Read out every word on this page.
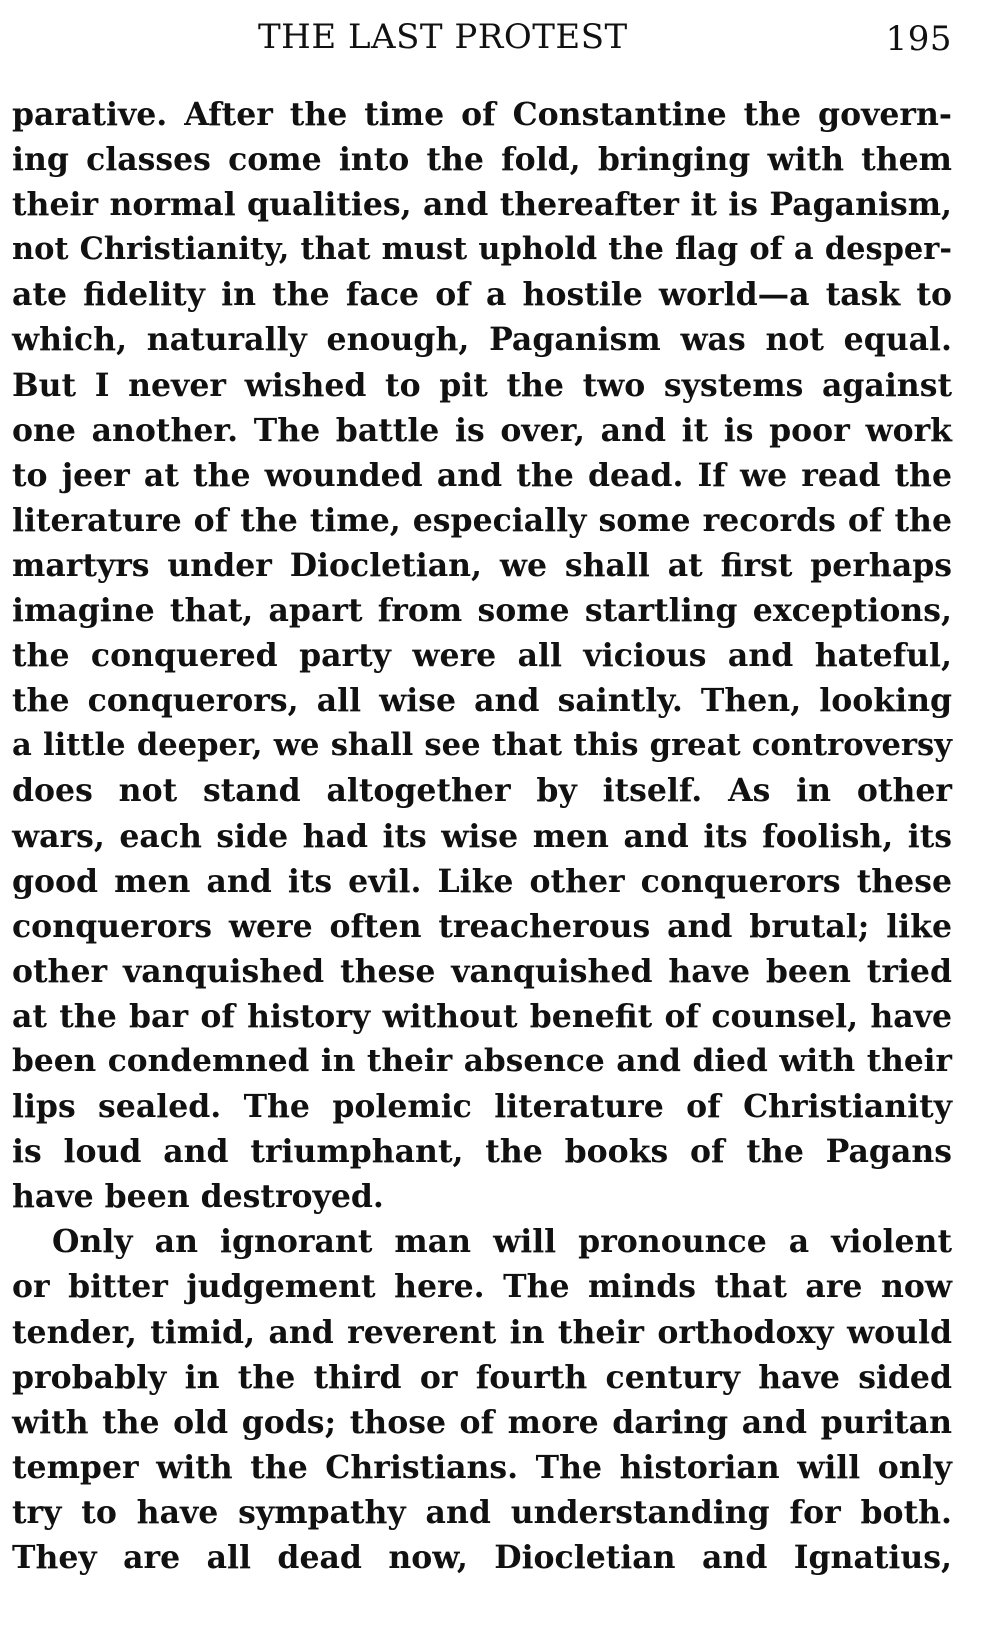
THE LAST PROTEST	195
parative. After the time of Constantine the govern-
ing classes come into the fold, bringing with them
their normal qualities, and thereafter it is Paganism,
not Christianity, that must uphold the flag of a desper-
ate fidelity in the face of a hostile world—a task to
which, naturally enough, Paganism was not equal.
But I never wished to pit the two systems against
one another. The battle is over, and it is poor work
to jeer at the wounded and the dead. If we read the
literature of the time, especially some records of the
martyrs under Diocletian, we shall at first perhaps
imagine that, apart from some startling exceptions,
the conquered party were all vicious and hateful,
the conquerors, all wise and saintly. Then, looking
a little deeper, we shall see that this great controversy
does not stand altogether by itself. As in other
wars, each side had its wise men and its foolish, its
good men and its evil. Like other conquerors these
conquerors were often treacherous and brutal; like
other vanquished these vanquished have been tried
at the bar of history without benefit of counsel, have
been condemned in their absence and died with their
lips sealed. The polemic literature of Christianity
is loud and triumphant, the books of the Pagans
have been destroyed.
Only an ignorant man will pronounce a violent
or bitter judgement here. The minds that are now
tender, timid, and reverent in their orthodoxy would
probably in the third or fourth century have sided
with the old gods; those of more daring and puritan
temper with the Christians. The historian will only
try to have sympathy and understanding for both.
They are all dead now, Diocletian and Ignatius,
